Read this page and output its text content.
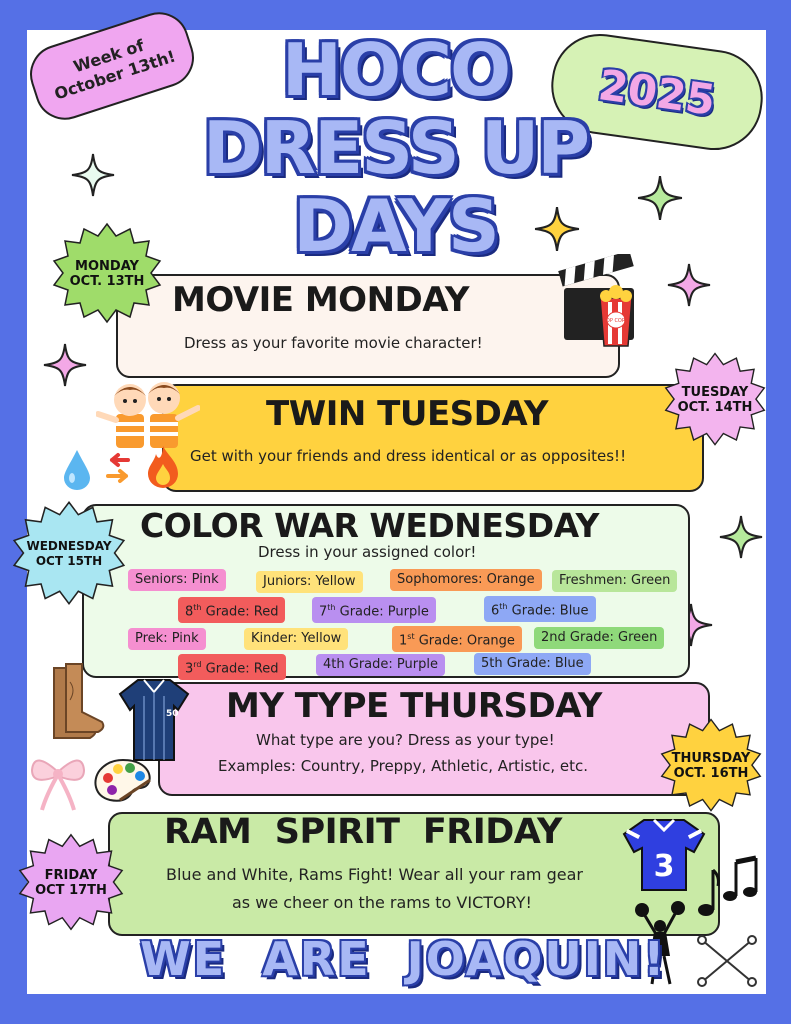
Week of October 13th!	2025
HOCO
DRESS UP
DAYS
MOVIE MONDAY
Dress as your favorite movie character!
MONDAY OCT. 13TH
POP CORN
TWIN TUESDAY
Get with your friends and dress identical or as opposites!!
TUESDAY OCT. 14TH
COLOR WAR WEDNESDAY
Dress in your assigned color!
WEDNESDAY OCT 15TH
Seniors: Pink	Juniors: Yellow	Sophomores: Orange	Freshmen: Green
8th Grade: Red	7th Grade: Purple	6th Grade: Blue
Prek: Pink	Kinder: Yellow	1st Grade: Orange	2nd Grade: Green
3rd Grade: Red	4th Grade: Purple	5th Grade: Blue
MY TYPE THURSDAY
What type are you? Dress as your type!
Examples: Country, Preppy, Athletic, Artistic, etc.	THURSDAY OCT. 16TH
50
RAM  SPIRIT  FRIDAY
Blue and White, Rams Fight! Wear all your ram gear
as we cheer on the rams to VICTORY!
FRIDAY OCT 17TH
3
WE  ARE  JOAQUIN!
